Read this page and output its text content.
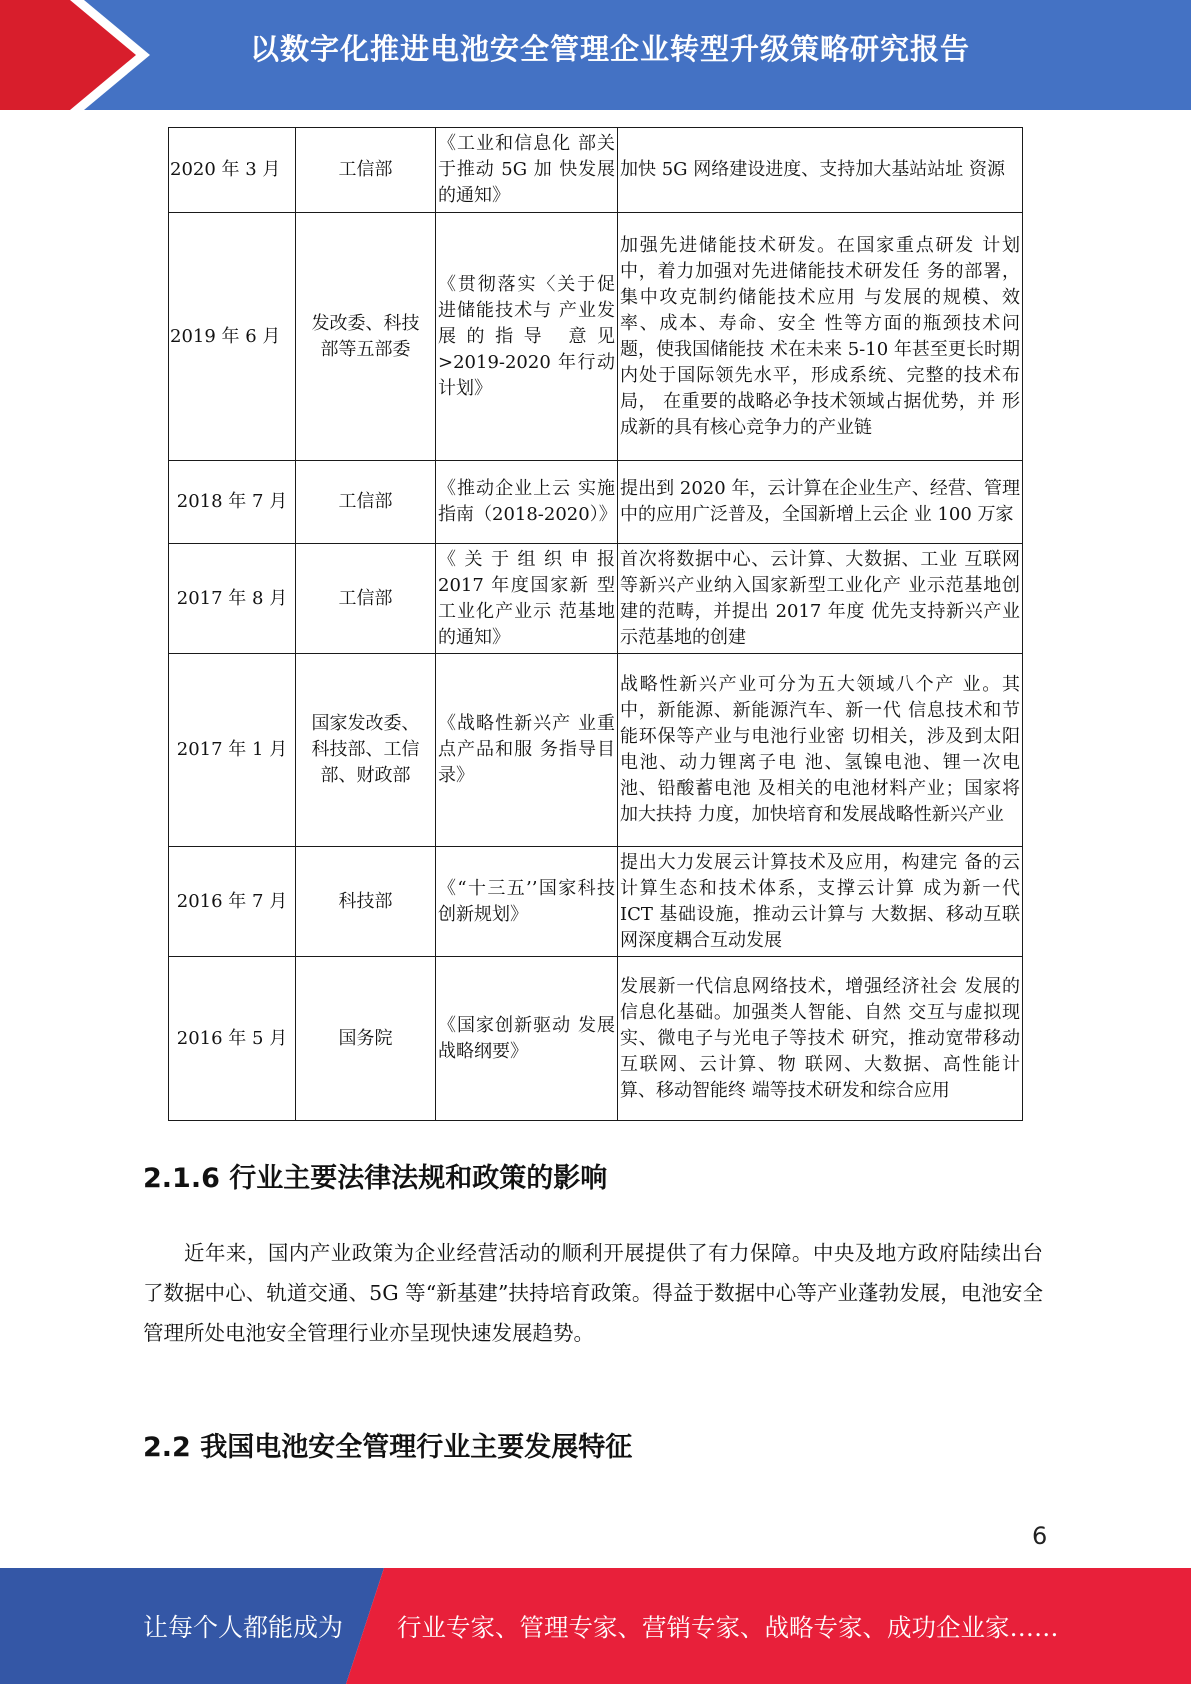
以数字化推进电池安全管理企业转型升级策略研究报告
2020 年 3 月	工信部	《工业和信息化 部关于推动 5G 加 快发展的通知》	加快 5G 网络建设进度、支持加大基站站址 资源
2019 年 6 月	发改委、科技部等五部委	《贯彻落实〈关于促进储能技术与 产业发展的指导 意见 >2019-2020 年行动计划》	加强先进储能技术研发。在国家重点研发 计划中，着力加强对先进储能技术研发任 务的部署，集中攻克制约储能技术应用 与发展的规模、效率、成本、寿命、安全 性等方面的瓶颈技术问题，使我国储能技 术在未来 5-10 年甚至更长时期内处于国际领先水平，形成系统、完整的技术布局， 在重要的战略必争技术领域占据优势，并 形成新的具有核心竞争力的产业链
2018 年 7 月	工信部	《推动企业上云 实施指南（2018-2020）》	提出到 2020 年，云计算在企业生产、经营、管理中的应用广泛普及，全国新增上云企 业 100 万家
2017 年 8 月	工信部	《关于组织申报 2017 年度国家新 型工业化产业示 范基地的通知》	首次将数据中心、云计算、大数据、工业 互联网等新兴产业纳入国家新型工业化产 业示范基地创建的范畴，并提出 2017 年度 优先支持新兴产业示范基地的创建
2017 年 1 月	国家发改委、科技部、工信部、财政部	《战略性新兴产 业重点产品和服 务指导目录》	战略性新兴产业可分为五大领域八个产 业。其中，新能源、新能源汽车、新一代 信息技术和节能环保等产业与电池行业密 切相关，涉及到太阳电池、动力锂离子电 池、氢镍电池、锂一次电池、铅酸蓄电池 及相关的电池材料产业；国家将加大扶持 力度，加快培育和发展战略性新兴产业
2016 年 7 月	科技部	《“十三五’’国家科技创新规划》	提出大力发展云计算技术及应用，构建完 备的云计算生态和技术体系，支撑云计算 成为新一代 ICT 基础设施，推动云计算与 大数据、移动互联网深度耦合互动发展
2016 年 5 月	国务院	《国家创新驱动 发展战略纲要》	发展新一代信息网络技术，增强经济社会 发展的信息化基础。加强类人智能、自然 交互与虚拟现实、微电子与光电子等技术 研究，推动宽带移动互联网、云计算、物 联网、大数据、高性能计算、移动智能终 端等技术研发和综合应用
2.1.6 行业主要法律法规和政策的影响

近年来，国内产业政策为企业经营活动的顺利开展提供了有力保障。中央及地方政府陆续出台了数据中心、轨道交通、5G 等“新基建”扶持培育政策。得益于数据中心等产业蓬勃发展，电池安全管理所处电池安全管理行业亦呈现快速发展趋势。

2.2 我国电池安全管理行业主要发展特征
6
让每个人都能成为 行业专家、管理专家、营销专家、战略专家、成功企业家……
